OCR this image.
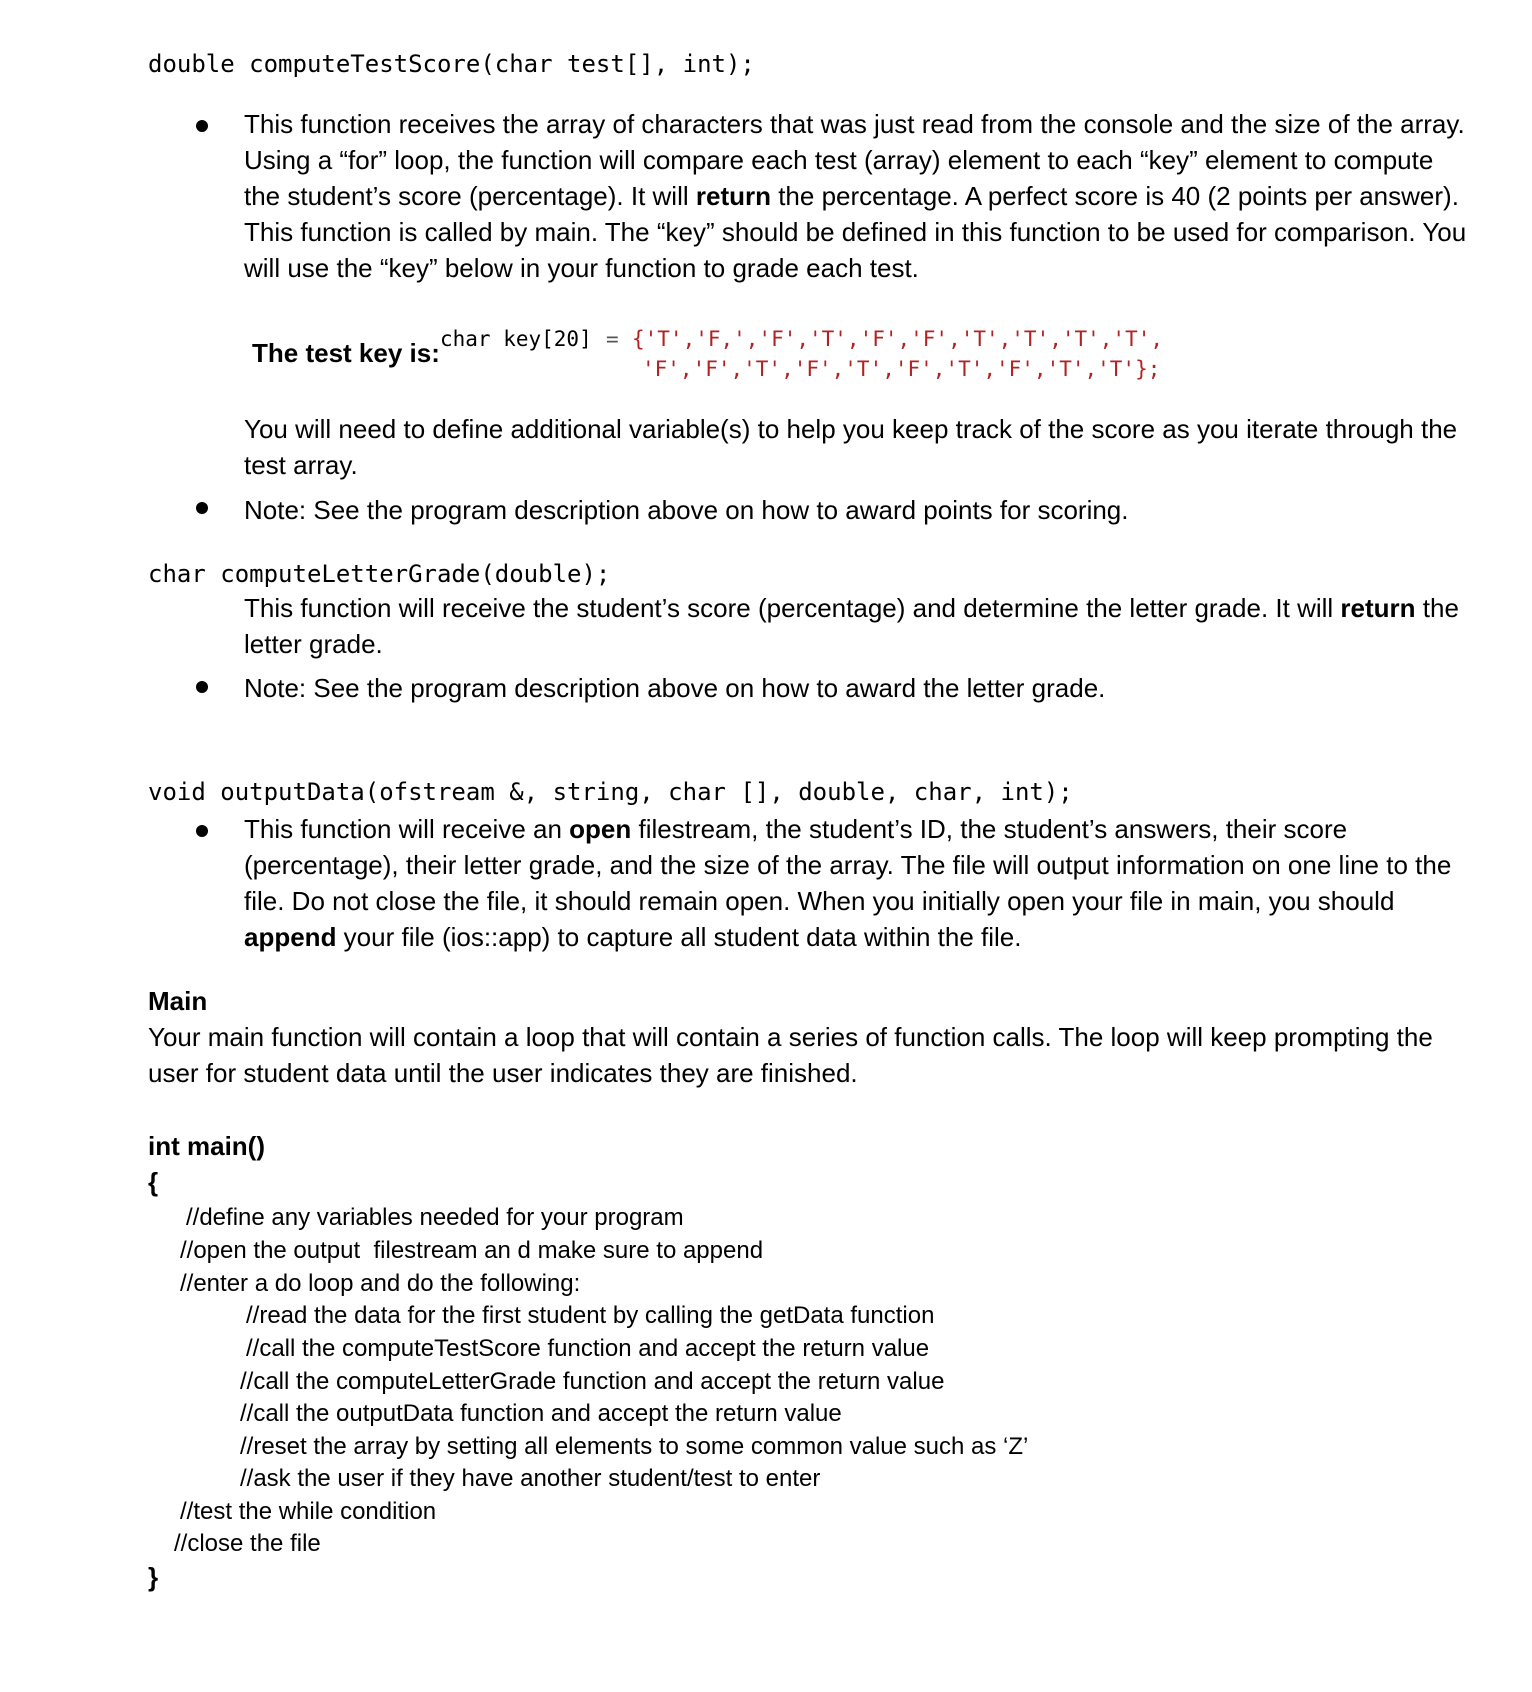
double computeTestScore(char test[], int);
This function receives the array of characters that was just read from the console and the size of the array. Using a “for” loop, the function will compare each test (array) element to each “key” element to compute the student’s score (percentage). It will return the percentage. A perfect score is 40 (2 points per answer). This function is called by main. The “key” should be defined in this function to be used for comparison. You will use the “key” below in your function to grade each test.

The test key is: char key[20] = {'T','F,','F','T','F','F','T','T','T','T',
'F','F','T','F','T','F','T','F','T','T'};
You will need to define additional variable(s) to help you keep track of the score as you iterate through the test array.
Note: See the program description above on how to award points for scoring.
char computeLetterGrade(double);
This function will receive the student’s score (percentage) and determine the letter grade. It will return the letter grade.
Note: See the program description above on how to award the letter grade.
void outputData(ofstream &, string, char [], double, char, int);
This function will receive an open filestream, the student’s ID, the student’s answers, their score (percentage), their letter grade, and the size of the array. The file will output information on one line to the file. Do not close the file, it should remain open. When you initially open your file in main, you should append your file (ios::app) to capture all student data within the file.
Main
Your main function will contain a loop that will contain a series of function calls. The loop will keep prompting the user for student data until the user indicates they are finished.
int main()
{
//define any variables needed for your program
//open the output  filestream an d make sure to append
//enter a do loop and do the following:
//read the data for the first student by calling the getData function
//call the computeTestScore function and accept the return value
//call the computeLetterGrade function and accept the return value
//call the outputData function and accept the return value
//reset the array by setting all elements to some common value such as ‘Z’
//ask the user if they have another student/test to enter
//test the while condition
//close the file
}
